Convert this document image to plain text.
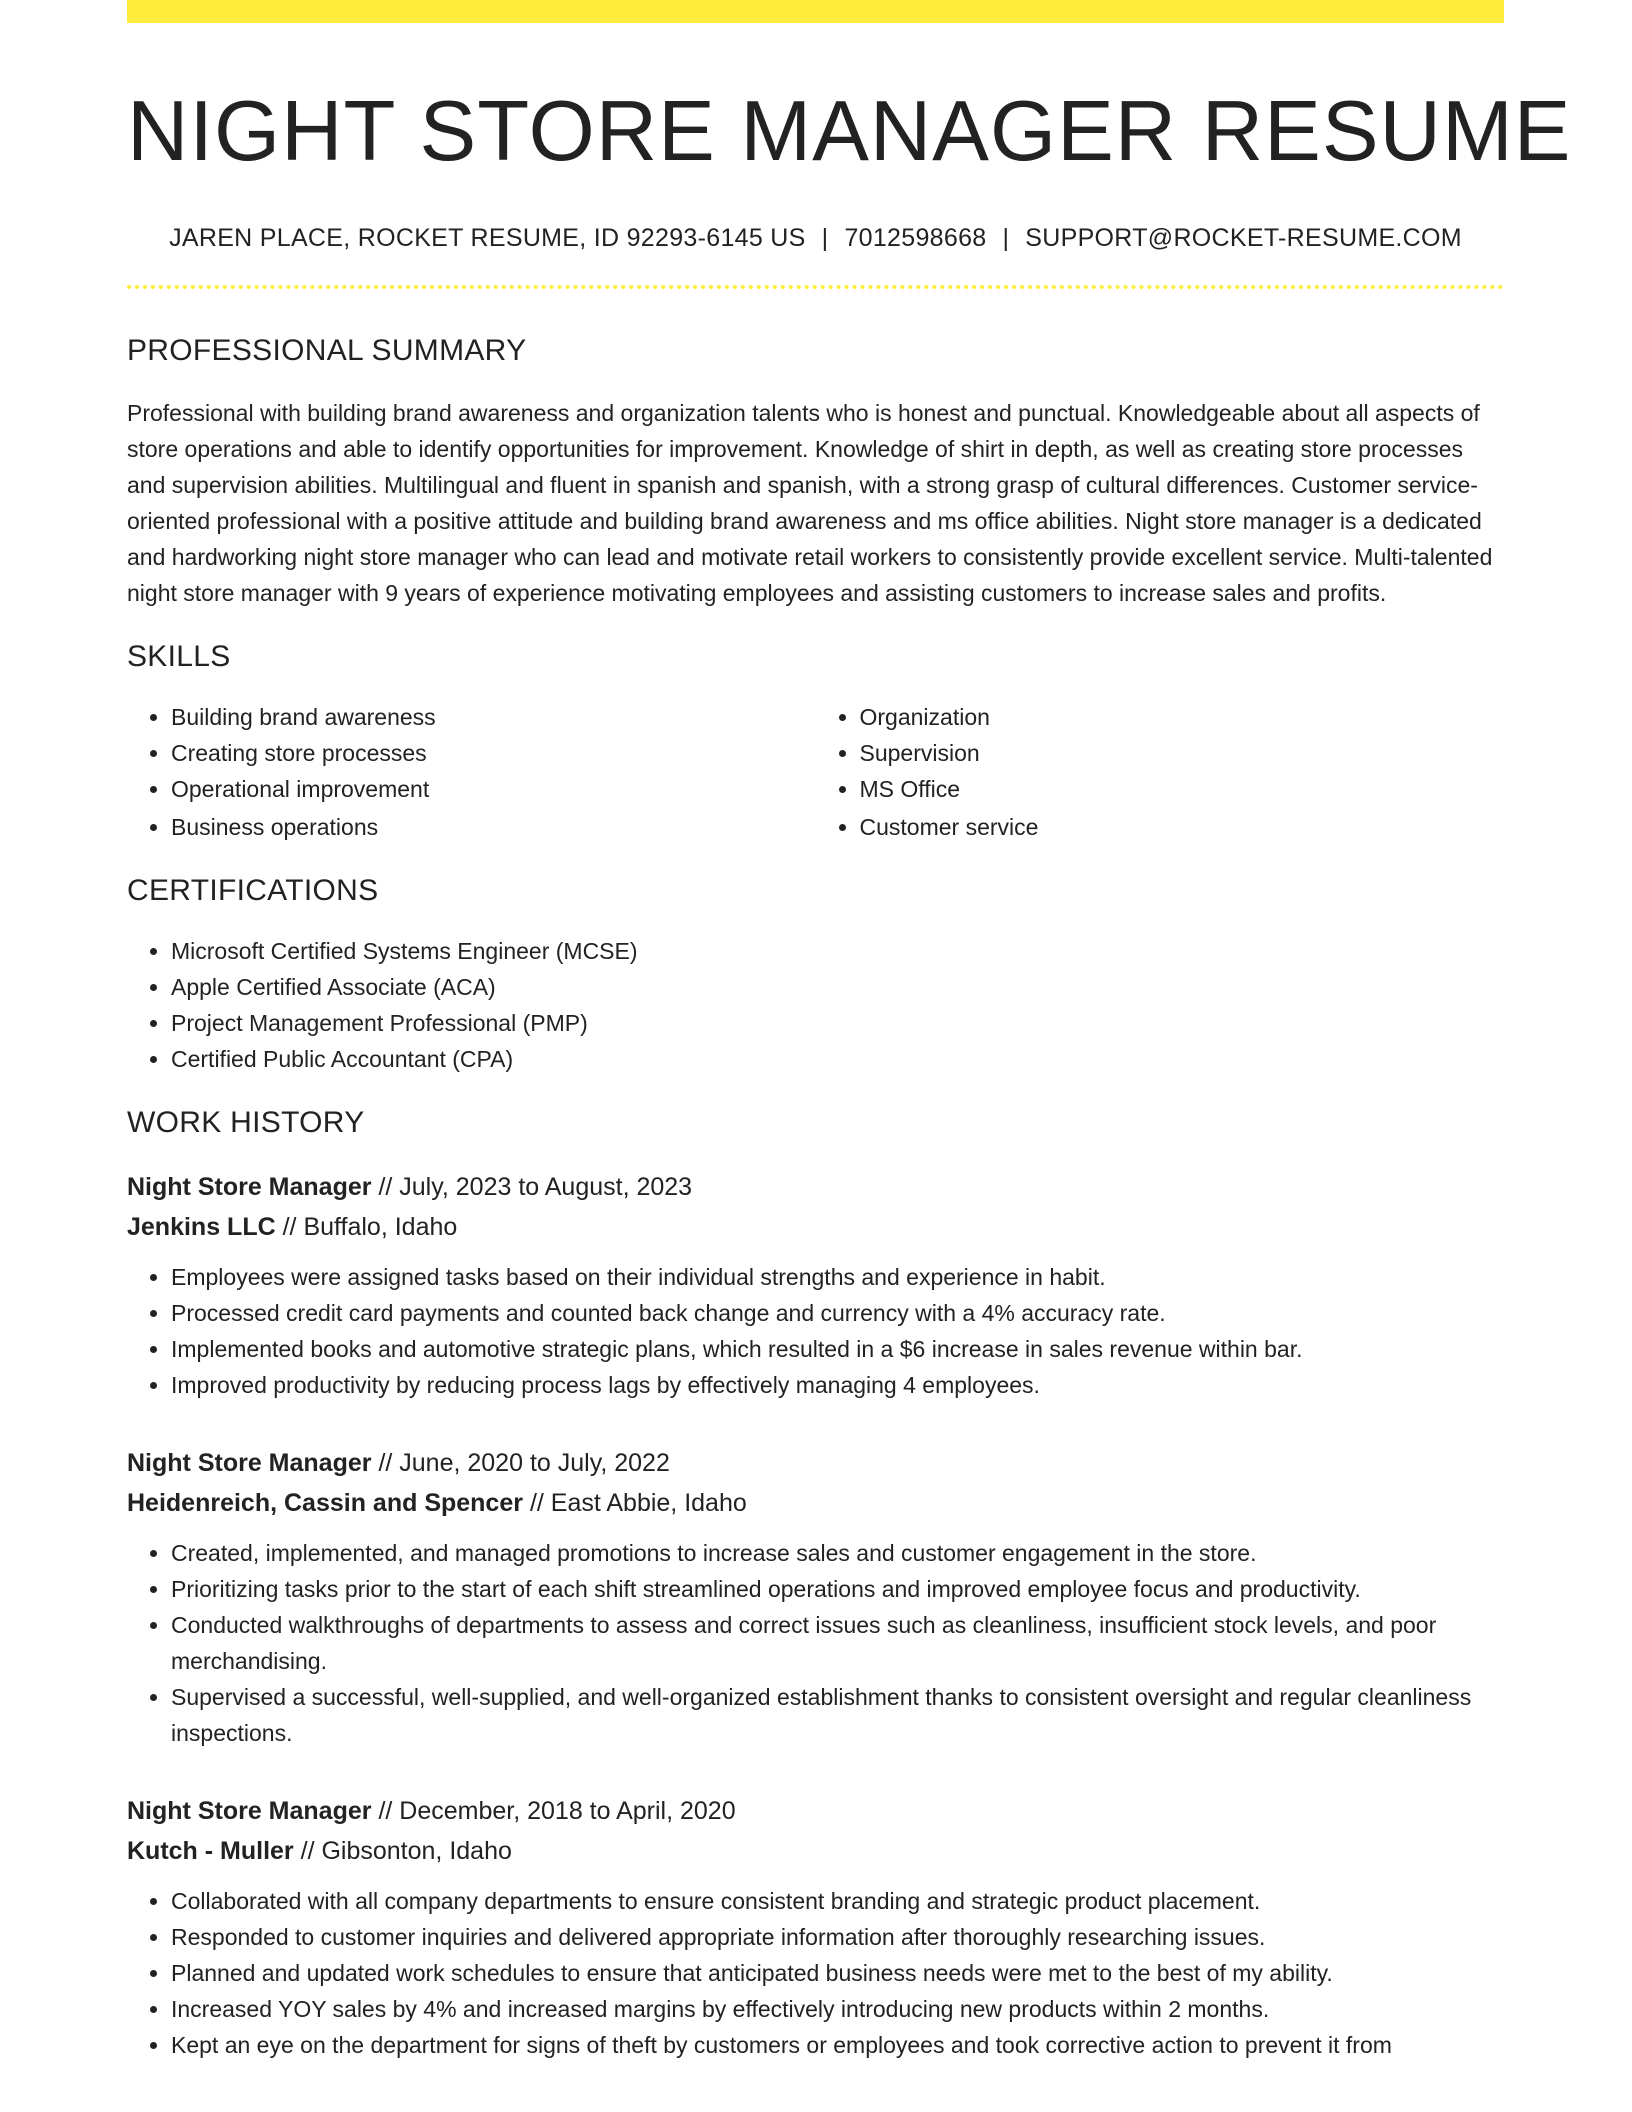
NIGHT STORE MANAGER RESUME
JAREN PLACE, ROCKET RESUME, ID 92293-6145 US | 7012598668 | SUPPORT@ROCKET-RESUME.COM
PROFESSIONAL SUMMARY

Professional with building brand awareness and organization talents who is honest and punctual. Knowledgeable about all aspects of store operations and able to identify opportunities for improvement. Knowledge of shirt in depth, as well as creating store processes and supervision abilities. Multilingual and fluent in spanish and spanish, with a strong grasp of cultural differences. Customer service-oriented professional with a positive attitude and building brand awareness and ms office abilities. Night store manager is a dedicated and hardworking night store manager who can lead and motivate retail workers to consistently provide excellent service. Multi-talented night store manager with 9 years of experience motivating employees and assisting customers to increase sales and profits.

SKILLS
• Building brand awareness
• Creating store processes
• Operational improvement
• Business operations
• Organization
• Supervision
• MS Office
• Customer service
CERTIFICATIONS
• Microsoft Certified Systems Engineer (MCSE)
• Apple Certified Associate (ACA)
• Project Management Professional (PMP)
• Certified Public Accountant (CPA)
WORK HISTORY
Night Store Manager // July, 2023 to August, 2023
Jenkins LLC // Buffalo, Idaho
• Employees were assigned tasks based on their individual strengths and experience in habit.
• Processed credit card payments and counted back change and currency with a 4% accuracy rate.
• Implemented books and automotive strategic plans, which resulted in a $6 increase in sales revenue within bar.
• Improved productivity by reducing process lags by effectively managing 4 employees.
Night Store Manager // June, 2020 to July, 2022
Heidenreich, Cassin and Spencer // East Abbie, Idaho
• Created, implemented, and managed promotions to increase sales and customer engagement in the store.
• Prioritizing tasks prior to the start of each shift streamlined operations and improved employee focus and productivity.
• Conducted walkthroughs of departments to assess and correct issues such as cleanliness, insufficient stock levels, and poor merchandising.
• Supervised a successful, well-supplied, and well-organized establishment thanks to consistent oversight and regular cleanliness inspections.
Night Store Manager // December, 2018 to April, 2020
Kutch - Muller // Gibsonton, Idaho
• Collaborated with all company departments to ensure consistent branding and strategic product placement.
• Responded to customer inquiries and delivered appropriate information after thoroughly researching issues.
• Planned and updated work schedules to ensure that anticipated business needs were met to the best of my ability.
• Increased YOY sales by 4% and increased margins by effectively introducing new products within 2 months.
• Kept an eye on the department for signs of theft by customers or employees and took corrective action to prevent it from
